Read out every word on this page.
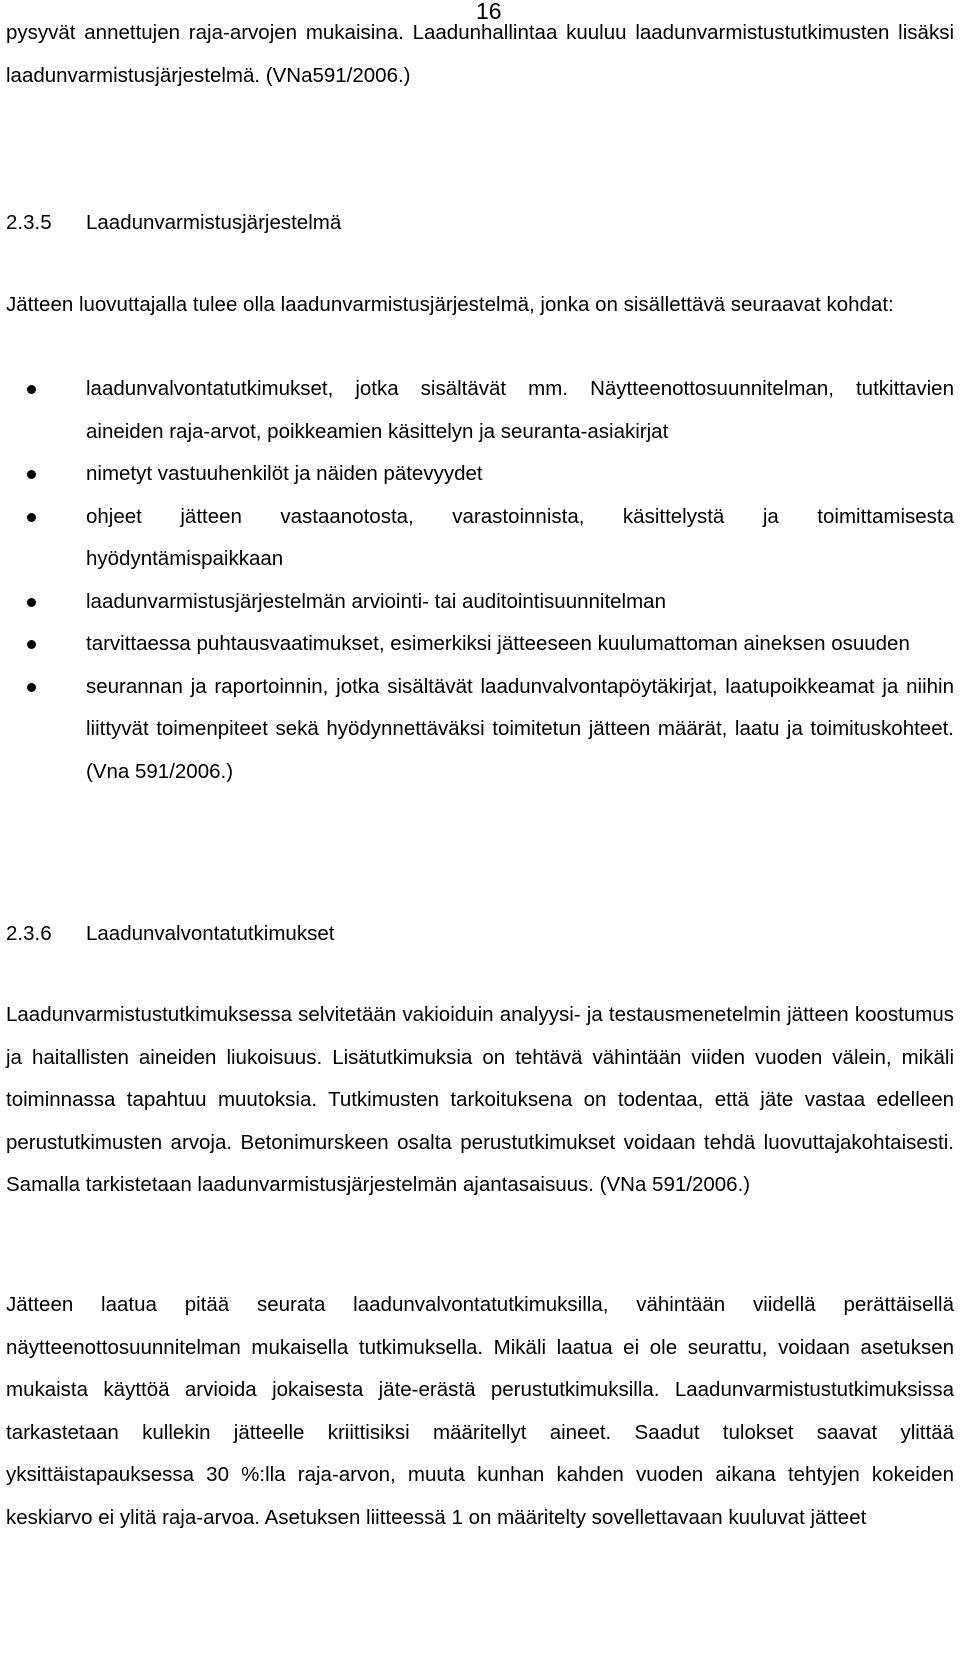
16
pysyvät annettujen raja-arvojen mukaisina. Laadunhallintaa kuuluu laadunvarmistustutkimusten lisäksi laadunvarmistusjärjestelmä. (VNa591/2006.)
2.3.5 Laadunvarmistusjärjestelmä
Jätteen luovuttajalla tulee olla laadunvarmistusjärjestelmä, jonka on sisällettävä seuraavat kohdat:
laadunvalvontatutkimukset, jotka sisältävät mm. Näytteenottosuunnitelman, tutkittavien aineiden raja-arvot, poikkeamien käsittelyn ja seuranta-asiakirjat
nimetyt vastuuhenkilöt ja näiden pätevyydet
ohjeet jätteen vastaanotosta, varastoinnista, käsittelystä ja toimittamisesta hyödyntämispaikkaan
laadunvarmistusjärjestelmän arviointi- tai auditointisuunnitelman
tarvittaessa puhtausvaatimukset, esimerkiksi jätteeseen kuulumattoman aineksen osuuden
seurannan ja raportoinnin, jotka sisältävät laadunvalvontapöytäkirjat, laatupoikkeamat ja niihin liittyvät toimenpiteet sekä hyödynnettäväksi toimitetun jätteen määrät, laatu ja toimituskohteet. (Vna 591/2006.)
2.3.6 Laadunvalvontatutkimukset
Laadunvarmistustutkimuksessa selvitetään vakioiduin analyysi- ja testausmenetelmin jätteen koostumus ja haitallisten aineiden liukoisuus. Lisätutkimuksia on tehtävä vähintään viiden vuoden välein, mikäli toiminnassa tapahtuu muutoksia. Tutkimusten tarkoituksena on todentaa, että jäte vastaa edelleen perustutkimusten arvoja. Betonimurskeen osalta perustutkimukset voidaan tehdä luovuttajakohtaisesti. Samalla tarkistetaan laadunvarmistusjärjestelmän ajantasaisuus. (VNa 591/2006.)
Jätteen laatua pitää seurata laadunvalvontatutkimuksilla, vähintään viidellä perättäisellä näytteenottosuunnitelman mukaisella tutkimuksella. Mikäli laatua ei ole seurattu, voidaan asetuksen mukaista käyttöä arvioida jokaisesta jäte-erästä perustutkimuksilla. Laadunvarmistustutkimuksissa tarkastetaan kullekin jätteelle kriittisiksi määritellyt aineet. Saadut tulokset saavat ylittää yksittäistapauksessa 30 %:lla raja-arvon, muuta kunhan kahden vuoden aikana tehtyjen kokeiden keskiarvo ei ylitä raja-arvoa. Asetuksen liitteessä 1 on määritelty sovellettavaan kuuluvat jätteet
